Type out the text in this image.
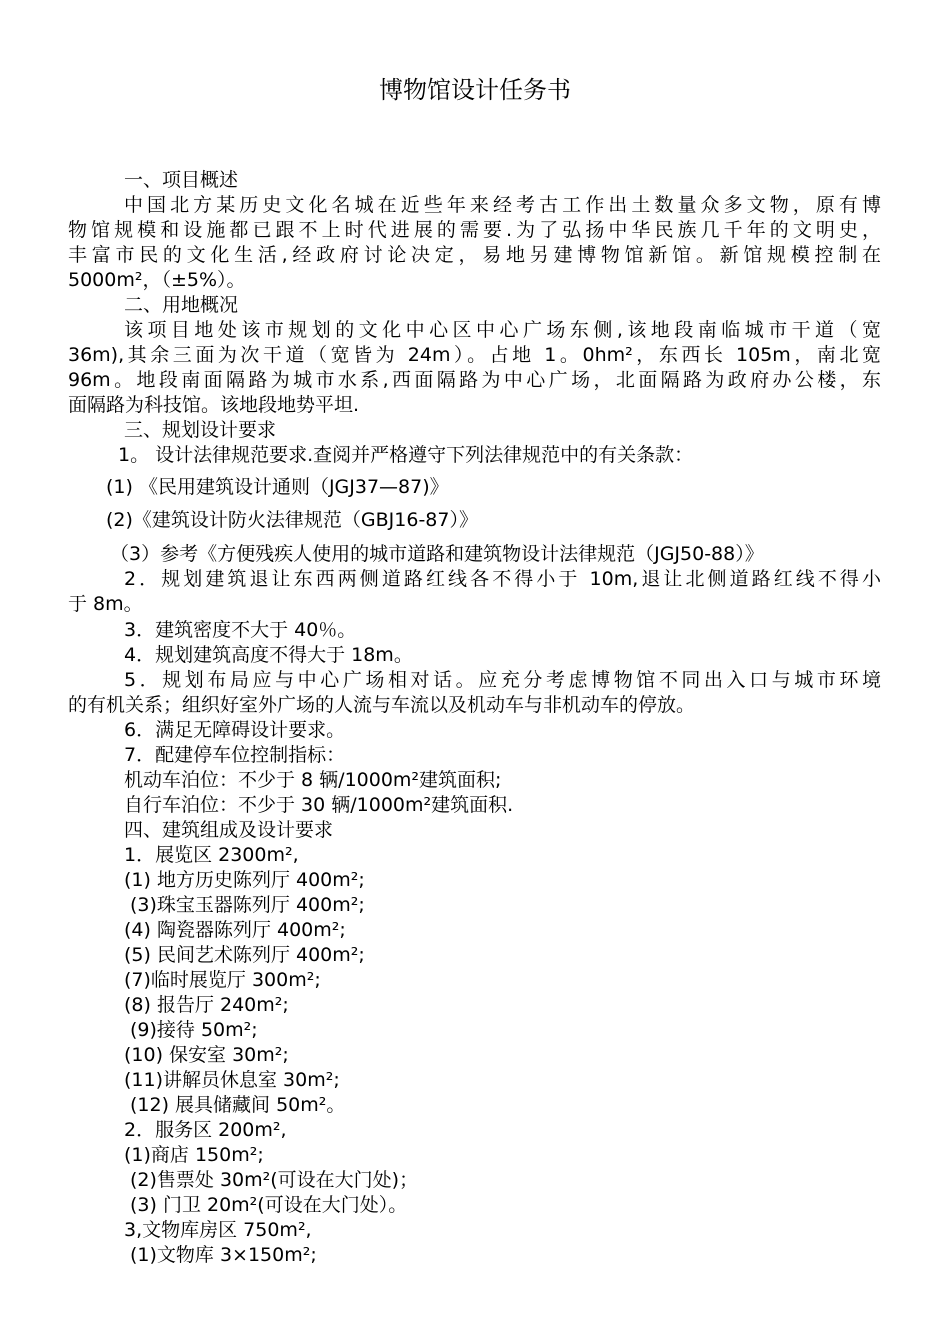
博物馆设计任务书
一、项目概述
中国北方某历史文化名城在近些年来经考古工作出土数量众多文物，原有博
物馆规模和设施都已跟不上时代进展的需要.为了弘扬中华民族几千年的文明史，
丰富市民的文化生活,经政府讨论决定，易地另建博物馆新馆。新馆规模控制在
5000m²，（±5%）。
二、用地概况
该项目地处该市规划的文化中心区中心广场东侧,该地段南临城市干道（宽
36m),其余三面为次干道（宽皆为 24m）。占地 1。0hm²，东西长 105m，南北宽
96m。地段南面隔路为城市水系,西面隔路为中心广场，北面隔路为政府办公楼，东
面隔路为科技馆。该地段地势平坦.
三、规划设计要求
1。 设计法律规范要求.查阅并严格遵守下列法律规范中的有关条款：
(1) 《民用建筑设计通则（JGJ37—87)》
(2)《建筑设计防火法律规范（GBJ16-87）》
（3）参考《方便残疾人使用的城市道路和建筑物设计法律规范（JGJ50-88）》
2．规划建筑退让东西两侧道路红线各不得小于 10m,退让北侧道路红线不得小
于 8m。
3．建筑密度不大于 40％。
4．规划建筑高度不得大于 18m。
5．规划布局应与中心广场相对话。应充分考虑博物馆不同出入口与城市环境
的有机关系；组织好室外广场的人流与车流以及机动车与非机动车的停放。
6．满足无障碍设计要求。
7．配建停车位控制指标：
机动车泊位：不少于 8 辆/1000m²建筑面积;
自行车泊位：不少于 30 辆/1000m²建筑面积.
四、建筑组成及设计要求
1．展览区 2300m²,
(1) 地方历史陈列厅 400m²;
(3)珠宝玉器陈列厅 400m²;
(4) 陶瓷器陈列厅 400m²;
(5) 民间艺术陈列厅 400m²;
(7)临时展览厅 300m²;
(8) 报告厅 240m²;
(9)接待 50m²;
(10) 保安室 30m²;
(11)讲解员休息室 30m²;
(12) 展具储藏间 50m²。
2．服务区 200m²,
(1)商店 150m²;
(2)售票处 30m²(可设在大门处)；
(3) 门卫 20m²(可设在大门处）。
3,文物库房区 750m²,
(1)文物库 3×150m²;
